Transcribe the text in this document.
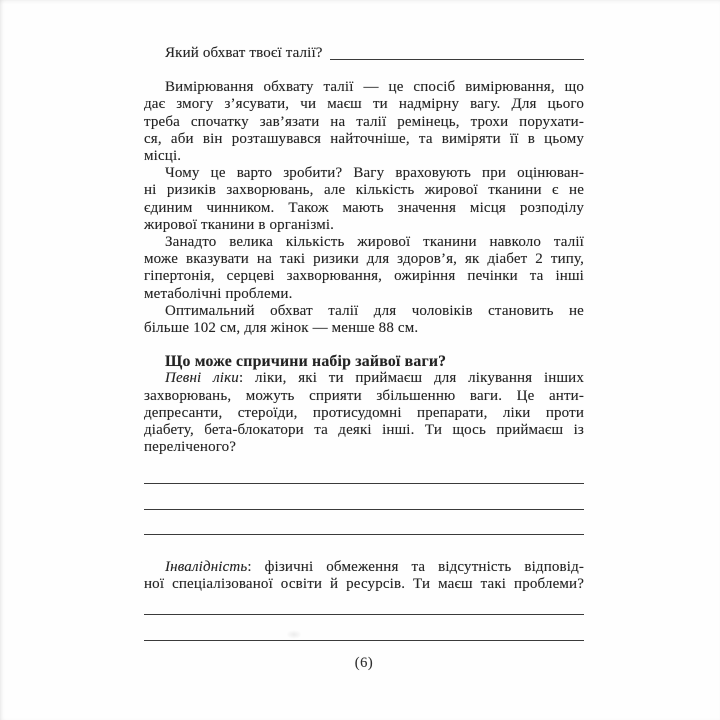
Який обхват твоєї талії?
Вимірювання обхвату талії — це спосіб вимірювання, що
дає змогу з’ясувати, чи маєш ти надмірну вагу. Для цього
треба спочатку зав’язати на талії ремінець, трохи порухати-
ся, аби він розташувався найточніше, та виміряти її в цьому
місці.
Чому це варто зробити? Вагу враховують при оцінюван-
ні ризиків захворювань, але кількість жирової тканини є не
єдиним чинником. Також мають значення місця розподілу
жирової тканини в організмі.
Занадто велика кількість жирової тканини навколо талії
може вказувати на такі ризики для здоров’я, як діабет 2 типу,
гіпертонія, серцеві захворювання, ожиріння печінки та інші
метаболічні проблеми.
Оптимальний обхват талії для чоловіків становить не
більше 102 см, для жінок — менше 88 см.
Що може спричини набір зайвої ваги?
Певні ліки: ліки, які ти приймаєш для лікування інших
захворювань, можуть сприяти збільшенню ваги. Це анти-
депресанти, стероїди, протисудомні препарати, ліки проти
діабету, бета-блокатори та деякі інші. Ти щось приймаєш із
переліченого?
Інвалідність: фізичні обмеження та відсутність відповід-
ної спеціалізованої освіти й ресурсів. Ти маєш такі проблеми?
(6)
